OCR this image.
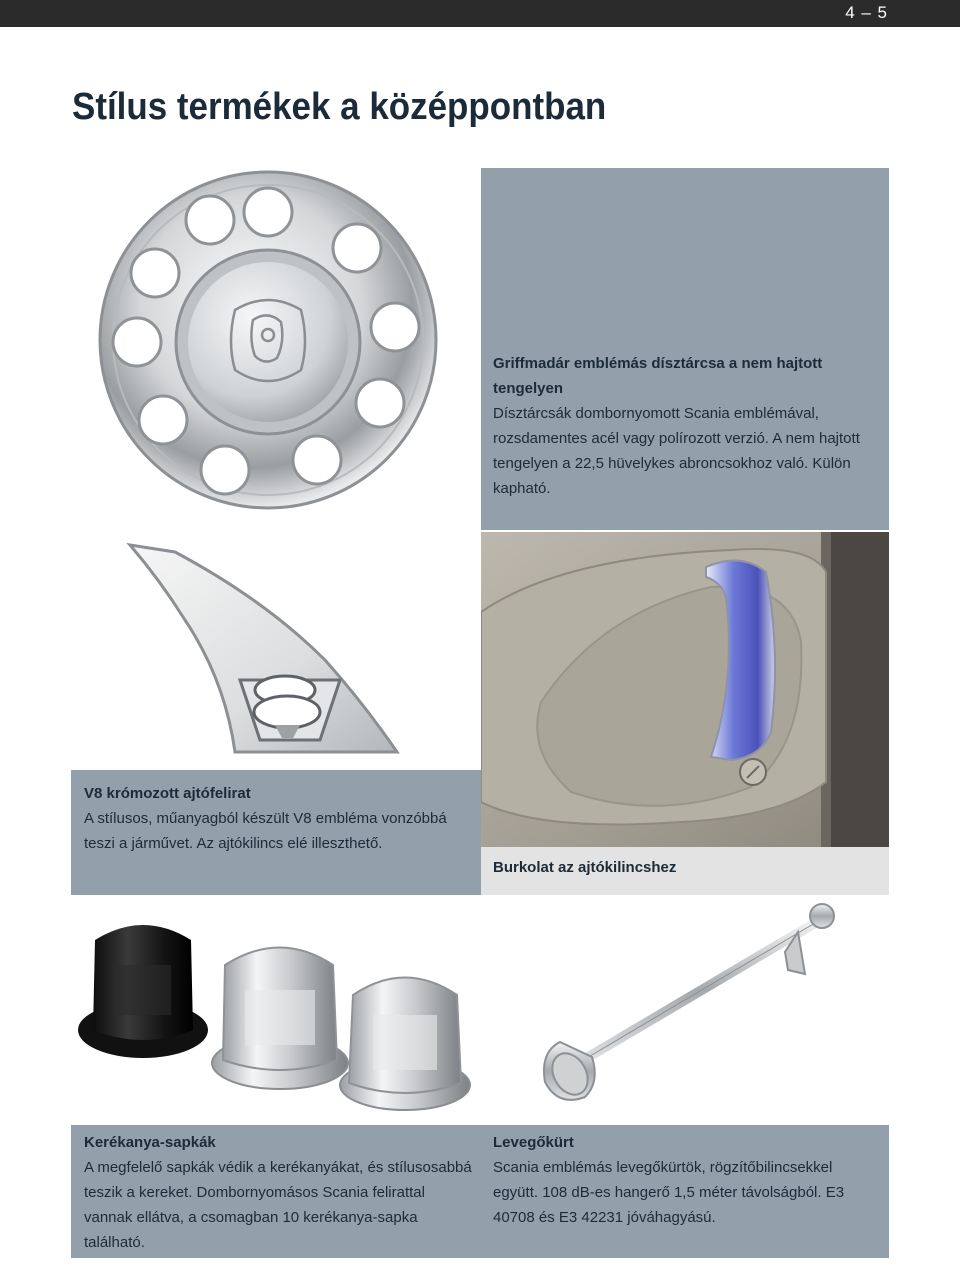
4 – 5
Stílus termékek a középpontban
Griffmadár emblémás dísztárcsa a nem hajtott tengelyen
Dísztárcsák dombornyomott Scania emblémával, rozsdamentes acél vagy polírozott verzió. A nem hajtott tengelyen a 22,5 hüvelykes abroncsokhoz való. Külön kapható.
V8 krómozott ajtófelirat
A stílusos, műanyagból készült V8 embléma vonzóbbá teszi a járművet. Az ajtókilincs elé illeszthető.
Burkolat az ajtókilincshez
Kerékanya-sapkák
A megfelelő sapkák védik a kerékanyákat, és stílusosabbá teszik a kereket. Dombornyomásos Scania felirattal vannak ellátva, a csomagban 10 kerékanya-sapka található.
Levegőkürt
Scania emblémás levegőkürtök, rögzítőbilincsekkel együtt. 108 dB-es hangerő 1,5 méter távolságból. E3 40708 és E3 42231 jóváhagyású.
